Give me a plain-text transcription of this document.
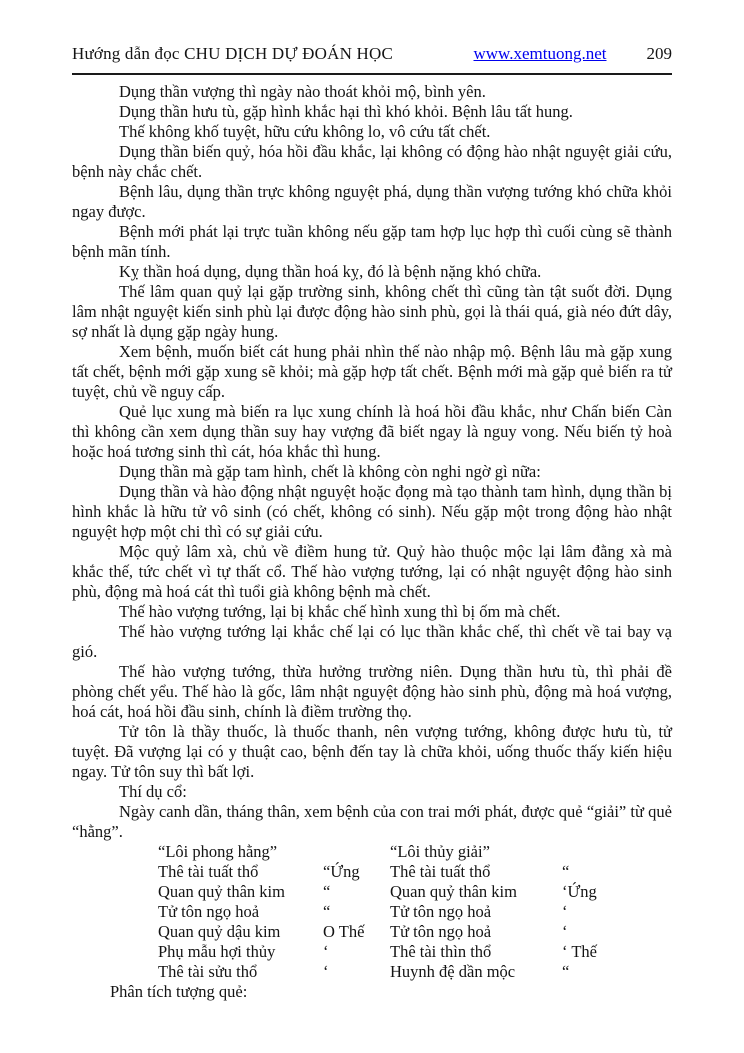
Hướng dẫn đọc CHU DỊCH DỰ ĐOÁN HỌC	www.xemtuong.net 209

Dụng thần vượng thì ngày nào thoát khỏi mộ, bình yên.

Dụng thần hưu tù, gặp hình khắc hại thì khó khỏi. Bệnh lâu tất hung.

Thế không khố tuyệt, hữu cứu không lo, vô cứu tất chết.

Dụng thần biến quỷ, hóa hồi đầu khắc, lại không có động hào nhật nguyệt giải cứu, bệnh này chắc chết.

Bệnh lâu, dụng thần trực không nguyệt phá, dụng thần vượng tướng khó chữa khỏi ngay được.

Bệnh mới phát lại trực tuần không nếu gặp tam hợp lục hợp thì cuối cùng sẽ thành bệnh mãn tính.

Kỵ thần hoá dụng, dụng thần hoá kỵ, đó là bệnh nặng khó chữa.

Thế lâm quan quỷ lại gặp trường sinh, không chết thì cũng tàn tật suốt đời. Dụng lâm nhật nguyệt kiến sinh phù lại được động hào sinh phù, gọi là thái quá, già néo đứt dây, sợ nhất là dụng gặp ngày hung.

Xem bệnh, muốn biết cát hung phải nhìn thế nào nhập mộ. Bệnh lâu mà gặp xung tất chết, bệnh mới gặp xung sẽ khỏi; mà gặp hợp tất chết. Bệnh mới mà gặp quẻ biến ra tử tuyệt, chủ về nguy cấp.

Quẻ lục xung mà biến ra lục xung chính là hoá hồi đầu khắc, như Chấn biến Càn thì không cần xem dụng thần suy hay vượng đã biết ngay là nguy vong. Nếu biến tỷ hoà hoặc hoá tương sinh thì cát, hóa khắc thì hung.

Dụng thần mà gặp tam hình, chết là không còn nghi ngờ gì nữa:

Dụng thần và hào động nhật nguyệt hoặc đọng mà tạo thành tam hình, dụng thần bị hình khắc là hữu tử vô sinh (có chết, không có sinh). Nếu gặp một trong động hào nhật nguyệt hợp một chi thì có sự giải cứu.

Mộc quỷ lâm xà, chủ về điềm hung tử. Quỷ hào thuộc mộc lại lâm đằng xà mà khắc thế, tức chết vì tự thất cổ. Thế hào vượng tướng, lại có nhật nguyệt động hào sinh phù, động mà hoá cát thì tuổi già không bệnh mà chết.

Thế hào vượng tướng, lại bị khắc chế hình xung thì bị ốm mà chết.

Thế hào vượng tướng lại khắc chế lại có lục thần khắc chế, thì chết về tai bay vạ gió.

Thế hào vượng tướng, thừa hưởng trường niên. Dụng thần hưu tù, thì phải đề phòng chết yểu. Thế hào là gốc, lâm nhật nguyệt động hào sinh phù, động mà hoá vượng, hoá cát, hoá hồi đầu sinh, chính là điềm trường thọ.

Tử tôn là thầy thuốc, là thuốc thanh, nên vượng tướng, không được hưu tù, tử tuyệt. Đã vượng lại có y thuật cao, bệnh đến tay là chữa khỏi, uống thuốc thấy kiến hiệu ngay. Tử tôn suy thì bất lợi.

Thí dụ cổ:

Ngày canh dần, tháng thân, xem bệnh của con trai mới phát, được quẻ “giải” từ quẻ “hằng”.

“Lôi phong hằng”	“Lôi thủy giải”
Thê tài tuất thổ	“Ứng	Thê tài tuất thổ	“
Quan quỷ thân kim	“	Quan quỷ thân kim	‘Ứng
Tử tôn ngọ hoả	“	Tử tôn ngọ hoả	‘
Quan quỷ dậu kim	O Thế	Tử tôn ngọ hoả	‘
Phụ mẫu hợi thủy	‘	Thê tài thìn thổ	‘ Thế
Thê tài sửu thổ	‘	Huynh đệ dần mộc	“

Phân tích tượng quẻ:
